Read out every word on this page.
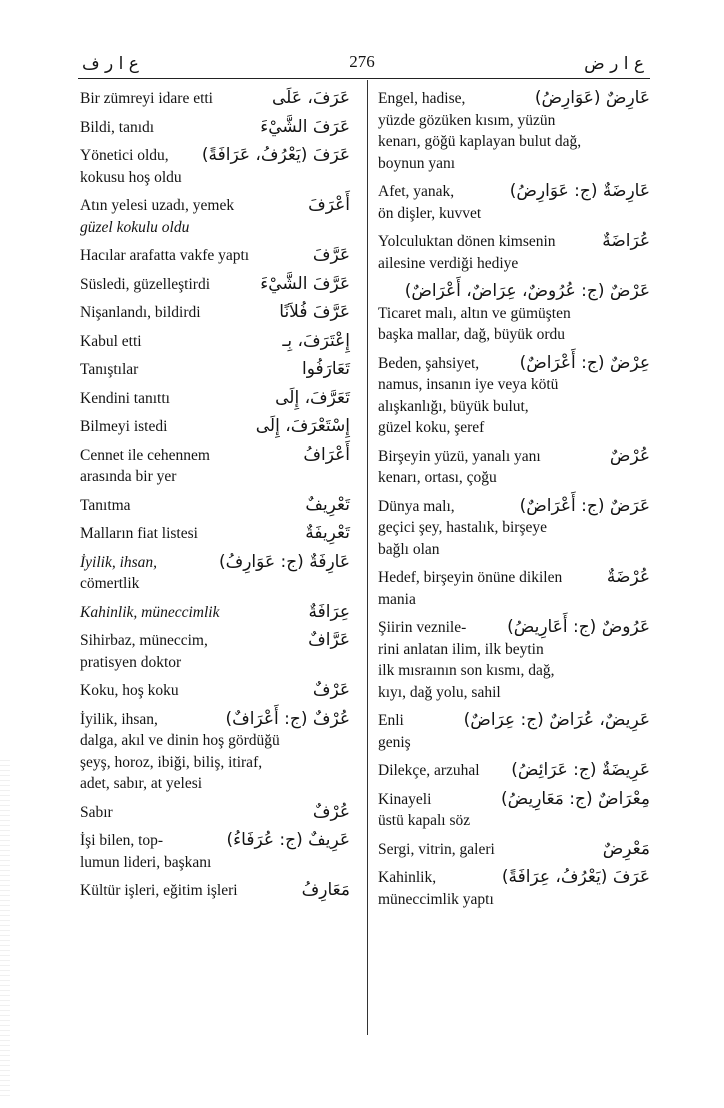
ع ا ر ف	276	ع ا ر ض
Bir zümreyi idare etti	عَرَفَ، عَلَى
Bildi, tanıdı	عَرَفَ الشَّيْءَ
Yönetici oldu, عَرَفَ (يَعْرُفُ، عَرَافَةً)
kokusu hoş oldu
Atın yelesi uzadı, yemek	أَعْرَفَ
güzel kokulu oldu
Hacılar arafatta vakfe yaptı	عَرَّفَ
Süsledi, güzelleştirdi	عَرَّفَ الشَّيْءَ
Nişanlandı, bildirdi	عَرَّفَ فُلاَنًا
Kabul etti	إِعْتَرَفَ، بِـ
Tanıştılar	تَعَارَفُوا
Kendini tanıttı	تَعَرَّفَ، إِلَى
Bilmeyi istedi	إِسْتَعْرَفَ، إِلَى
Cennet ile cehennem	أَعْرَافُ
arasında bir yer
Tanıtma	تَعْرِيفٌ
Malların fiat listesi	تَعْرِيفَةٌ
İyilik, ihsan,	عَارِفَةٌ (ج: عَوَارِفُ)
cömertlik
Kahinlik, müneccimlik	عِرَافَةٌ
Sihirbaz, müneccim,	عَرَّافٌ
pratisyen doktor
Koku, hoş koku	عَرْفٌ
İyilik, ihsan,	عُرْفٌ (ج: أَعْرَافٌ)
dalga, akıl ve dinin hoş gördüğü
şeyş, horoz, ibiği, biliş, itiraf,
adet, sabır, at yelesi
Sabır	عُرْفٌ
İşi bilen, top-	عَرِيفٌ (ج: عُرَفَاءُ)
lumun lideri, başkanı
Kültür işleri, eğitim işleri	مَعَارِفُ
Engel, hadise,	عَارِضٌ (عَوَارِضُ)
yüzde gözüken kısım, yüzün
kenarı, göğü kaplayan bulut dağ,
boynun yanı
Afet, yanak,	عَارِضَةٌ (ج: عَوَارِضُ)
ön dişler, kuvvet
Yolculuktan dönen kimsenin	عُرَاضَةٌ
ailesine verdiği hediye
عَرْضٌ (ج: عُرُوضٌ، عِرَاضٌ، أَعْرَاضٌ)
Ticaret malı, altın ve gümüşten
başka mallar, dağ, büyük ordu
Beden, şahsiyet, عِرْضٌ (ج: أَعْرَاضٌ)
namus, insanın iye veya kötü
alışkanlığı, büyük bulut,
güzel koku, şeref
Birşeyin yüzü, yanalı yanı	عُرْضٌ
kenarı, ortası, çoğu
Dünya malı,	عَرَضٌ (ج: أَعْرَاضٌ)
geçici şey, hastalık, birşeye
bağlı olan
Hedef, birşeyin önüne dikilen	عُرْضَةٌ
mania
Şiirin veznile- عَرُوضٌ (ج: أَعَارِيضُ)
rini anlatan ilim, ilk beytin
ilk mısraının son kısmı, dağ,
kıyı, dağ yolu, sahil
Enli	عَرِيضٌ، عُرَاضٌ (ج: عِرَاضٌ)
geniş
Dilekçe, arzuhal عَرِيضَةٌ (ج: عَرَائِضُ)
Kinayeli	مِعْرَاضٌ (ج: مَعَارِيضُ)
üstü kapalı söz
Sergi, vitrin, galeri	مَعْرِضٌ
Kahinlik,	عَرَفَ (يَعْرُفُ، عِرَافَةً)
müneccimlik yaptı
